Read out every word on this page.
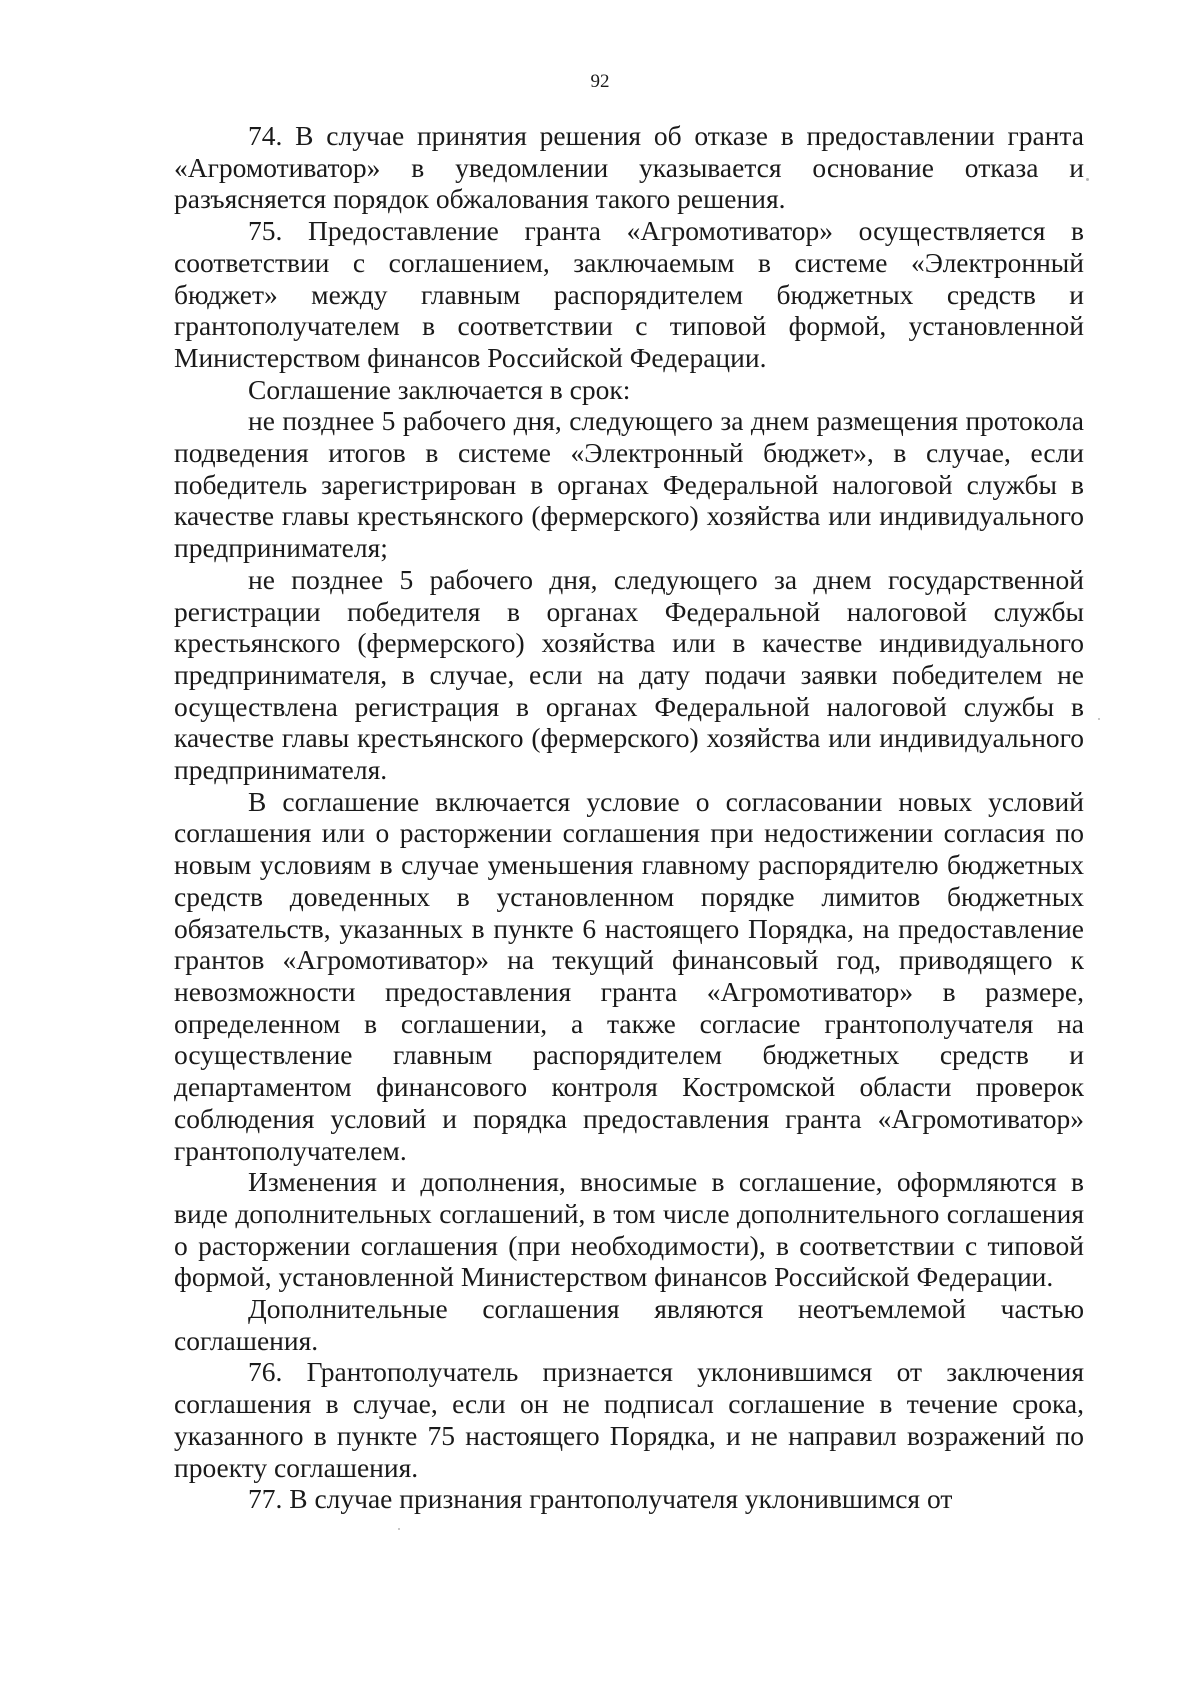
92

74. В случае принятия решения об отказе в предоставлении гранта «Агромотиватор» в уведомлении указывается основание отказа и разъясняется порядок обжалования такого решения.

75. Предоставление гранта «Агромотиватор» осуществляется в соответствии с соглашением, заключаемым в системе «Электронный бюджет» между главным распорядителем бюджетных средств и грантополучателем в соответствии с типовой формой, установленной Министерством финансов Российской Федерации.

Соглашение заключается в срок:

не позднее 5 рабочего дня, следующего за днем размещения протокола подведения итогов в системе «Электронный бюджет», в случае, если победитель зарегистрирован в органах Федеральной налоговой службы в качестве главы крестьянского (фермерского) хозяйства или индивидуального предпринимателя;

не позднее 5 рабочего дня, следующего за днем государственной регистрации победителя в органах Федеральной налоговой службы крестьянского (фермерского) хозяйства или в качестве индивидуального предпринимателя, в случае, если на дату подачи заявки победителем не осуществлена регистрация в органах Федеральной налоговой службы в качестве главы крестьянского (фермерского) хозяйства или индивидуального предпринимателя.

В соглашение включается условие о согласовании новых условий соглашения или о расторжении соглашения при недостижении согласия по новым условиям в случае уменьшения главному распорядителю бюджетных средств доведенных в установленном порядке лимитов бюджетных обязательств, указанных в пункте 6 настоящего Порядка, на предоставление грантов «Агромотиватор» на текущий финансовый год, приводящего к невозможности предоставления гранта «Агромотиватор» в размере, определенном в соглашении, а также согласие грантополучателя на осуществление главным распорядителем бюджетных средств и департаментом финансового контроля Костромской области проверок соблюдения условий и порядка предоставления гранта «Агромотиватор» грантополучателем.

Изменения и дополнения, вносимые в соглашение, оформляются в виде дополнительных соглашений, в том числе дополнительного соглашения о расторжении соглашения (при необходимости), в соответствии с типовой формой, установленной Министерством финансов Российской Федерации.

Дополнительные соглашения являются неотъемлемой частью соглашения.

76. Грантополучатель признается уклонившимся от заключения соглашения в случае, если он не подписал соглашение в течение срока, указанного в пункте 75 настоящего Порядка, и не направил возражений по проекту соглашения.

77. В случае признания грантополучателя уклонившимся от
